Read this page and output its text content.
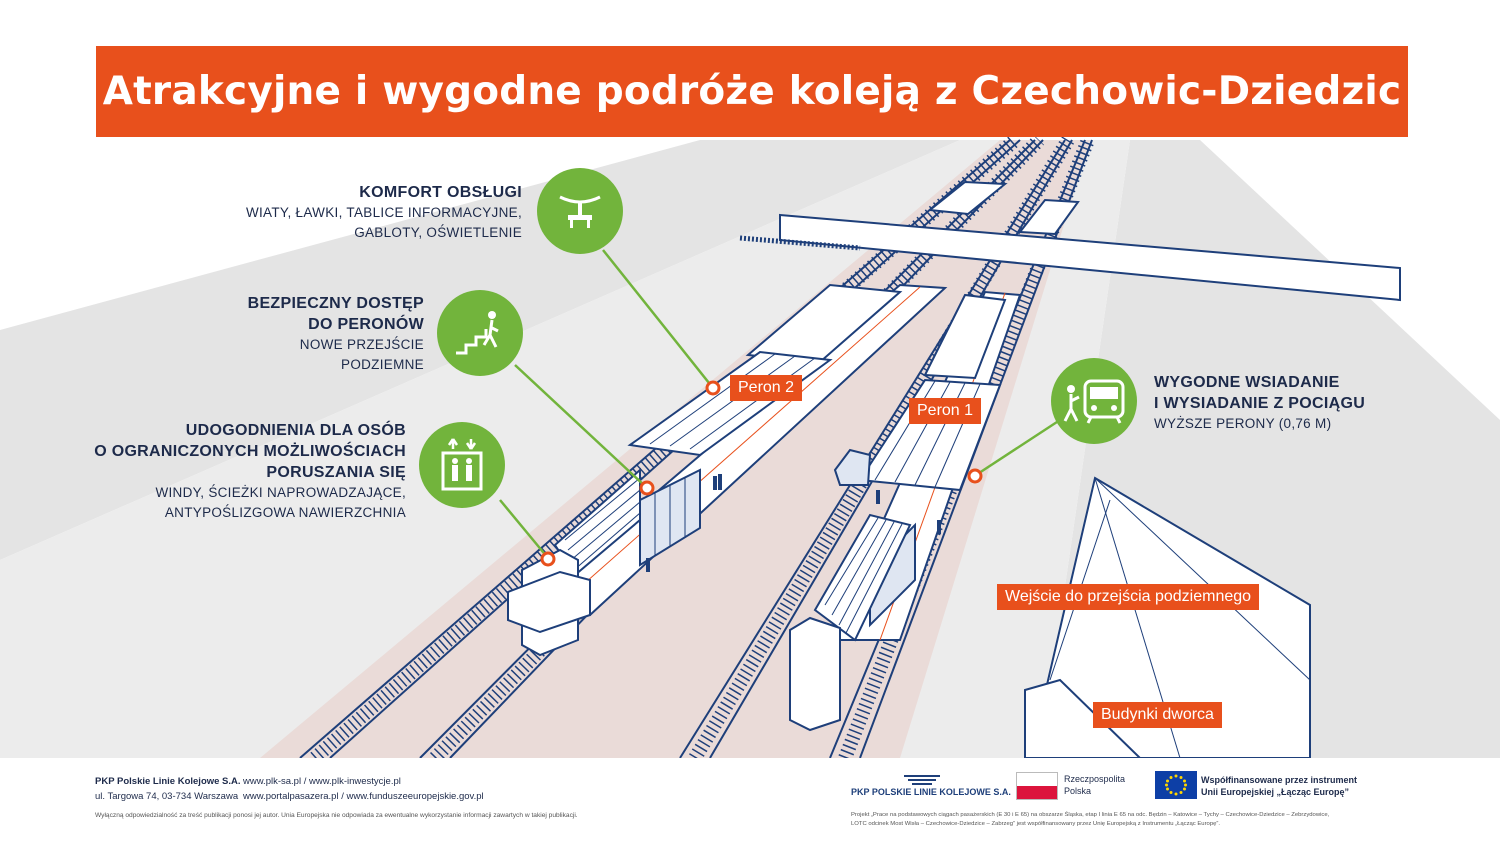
Atrakcyjne i wygodne podróże koleją z Czechowic-Dziedzic
KOMFORT OBSŁUGI
WIATY, ŁAWKI, TABLICE INFORMACYJNE,
GABLOTY, OŚWIETLENIE
BEZPIECZNY DOSTĘP
DO PERONÓW
NOWE PRZEJŚCIE
PODZIEMNE
UDOGODNIENIA DLA OSÓB
O OGRANICZONYCH MOŻLIWOŚCIACH
PORUSZANIA SIĘ
WINDY, ŚCIEŻKI NAPROWADZAJĄCE,
ANTYPOŚLIZGOWA NAWIERZCHNIA
WYGODNE WSIADANIE
I WYSIADANIE Z POCIĄGU
WYŻSZE PERONY (0,76 M)
Peron 2
Peron 1
Wejście do przejścia podziemnego
Budynki dworca
PKP Polskie Linie Kolejowe S.A. www.plk-sa.pl / www.plk-inwestycje.pl
ul. Targowa 74, 03-734 Warszawa www.portalpasazera.pl / www.funduszeeuropejskie.gov.pl
Wyłączną odpowiedzialność za treść publikacji ponosi jej autor. Unia Europejska nie odpowiada za ewentualne wykorzystanie informacji zawartych w takiej publikacji.
PKP POLSKIE LINIE KOLEJOWE S.A.
Rzeczpospolita
Polska
Współfinansowane przez instrument
Unii Europejskiej „Łącząc Europę”
Projekt „Prace na podstawowych ciągach pasażerskich (E 30 i E 65) na obszarze Śląska, etap I linia E 65 na odc. Będzin – Katowice – Tychy – Czechowice-Dziedzice – Zebrzydowice,
LOTC odcinek Most Wisła – Czechowice-Dziedzice – Zabrzeg” jest współfinansowany przez Unię Europejską z Instrumentu „Łącząc Europę”.
